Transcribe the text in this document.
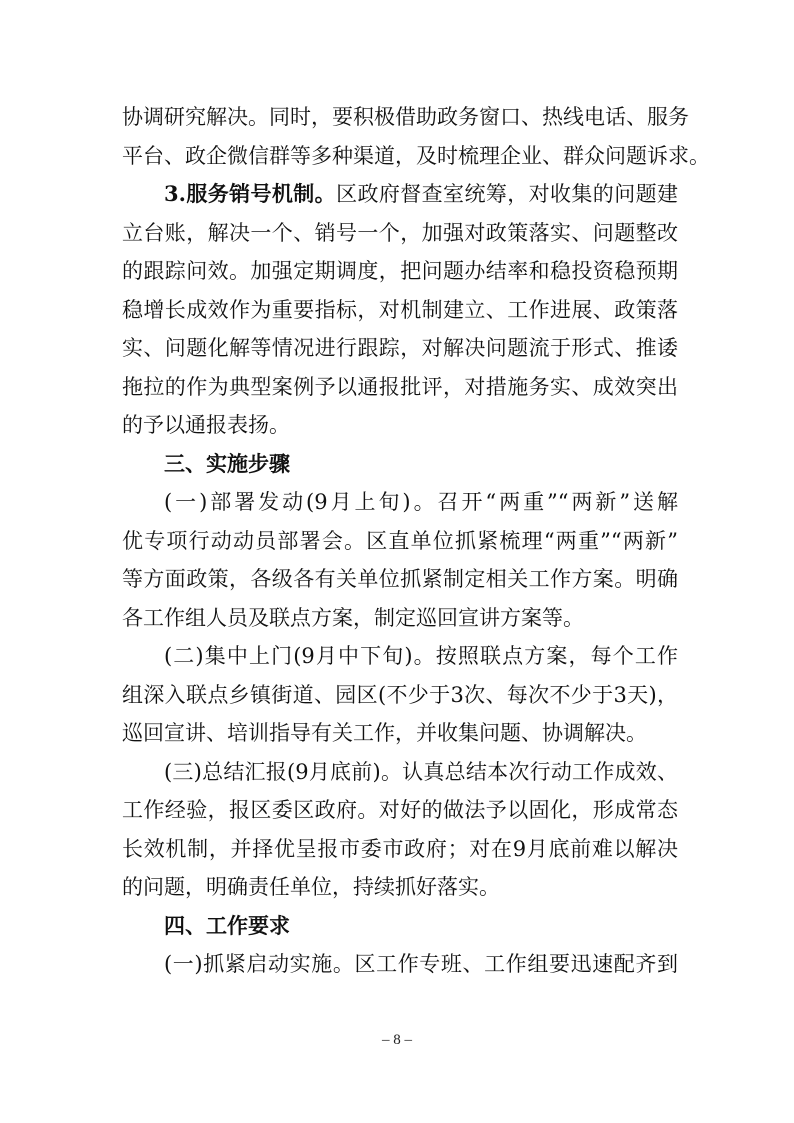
协调研究解决。同时，要积极借助政务窗口、热线电话、服务
平台、政企微信群等多种渠道，及时梳理企业、群众问题诉求。
3.服务销号机制。区政府督查室统筹，对收集的问题建
立台账，解决一个、销号一个，加强对政策落实、问题整改
的跟踪问效。加强定期调度，把问题办结率和稳投资稳预期
稳增长成效作为重要指标，对机制建立、工作进展、政策落
实、问题化解等情况进行跟踪，对解决问题流于形式、推诿
拖拉的作为典型案例予以通报批评，对措施务实、成效突出
的予以通报表扬。
三、实施步骤
(一)部署发动(9月上旬)。召开“两重”“两新”送解
优专项行动动员部署会。区直单位抓紧梳理“两重”“两新”
等方面政策，各级各有关单位抓紧制定相关工作方案。明确
各工作组人员及联点方案，制定巡回宣讲方案等。
(二)集中上门(9月中下旬)。按照联点方案，每个工作
组深入联点乡镇街道、园区(不少于3次、每次不少于3天)，
巡回宣讲、培训指导有关工作，并收集问题、协调解决。
(三)总结汇报(9月底前)。认真总结本次行动工作成效、
工作经验，报区委区政府。对好的做法予以固化，形成常态
长效机制，并择优呈报市委市政府；对在9月底前难以解决
的问题，明确责任单位，持续抓好落实。
四、工作要求
(一)抓紧启动实施。区工作专班、工作组要迅速配齐到
– 8 –
